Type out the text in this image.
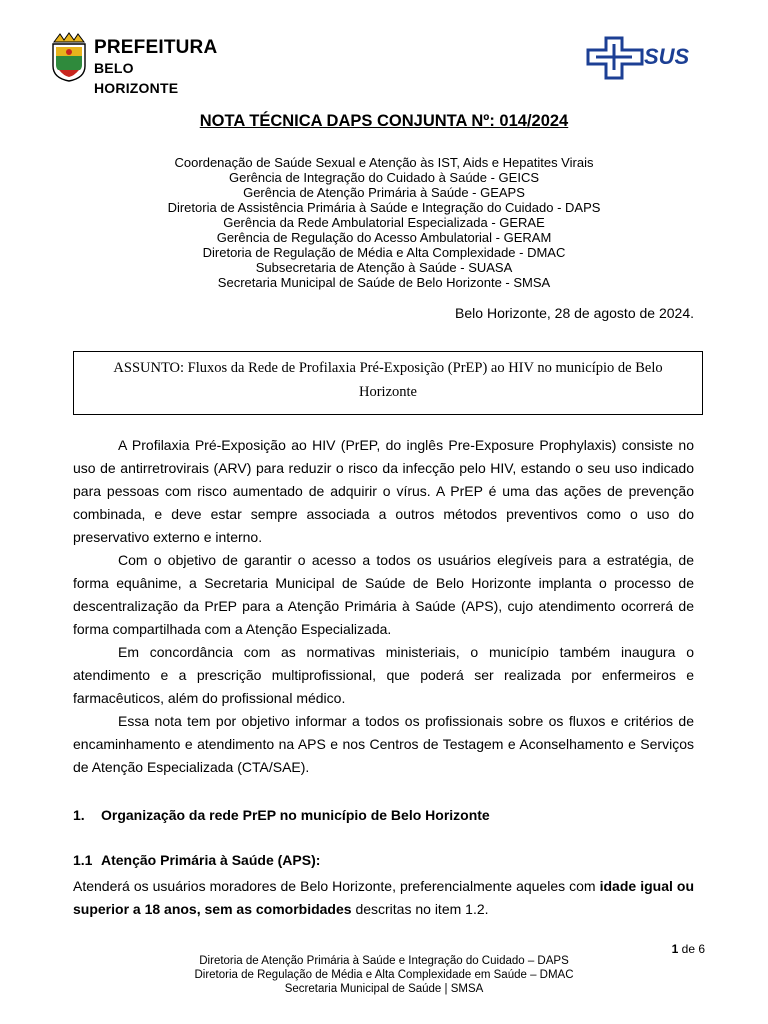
PREFEITURA
BELO HORIZONTE
SUS
NOTA TÉCNICA DAPS CONJUNTA Nº: 014/2024
Coordenação de Saúde Sexual e Atenção às IST, Aids e Hepatites Virais
Gerência de Integração do Cuidado à Saúde - GEICS
Gerência de Atenção Primária à Saúde - GEAPS
Diretoria de Assistência Primária à Saúde e Integração do Cuidado - DAPS
Gerência da Rede Ambulatorial Especializada - GERAE
Gerência de Regulação do Acesso Ambulatorial - GERAM
Diretoria de Regulação de Média e Alta Complexidade - DMAC
Subsecretaria de Atenção à Saúde - SUASA
Secretaria Municipal de Saúde de Belo Horizonte - SMSA
Belo Horizonte, 28 de agosto de 2024.
ASSUNTO: Fluxos da Rede de Profilaxia Pré-Exposição (PrEP) ao HIV no município de Belo
Horizonte

A Profilaxia Pré-Exposição ao HIV (PrEP, do inglês Pre-Exposure Prophylaxis) consiste no uso de antirretrovirais (ARV) para reduzir o risco da infecção pelo HIV, estando o seu uso indicado para pessoas com risco aumentado de adquirir o vírus. A PrEP é uma das ações de prevenção combinada, e deve estar sempre associada a outros métodos preventivos como o uso do preservativo externo e interno.

Com o objetivo de garantir o acesso a todos os usuários elegíveis para a estratégia, de forma equânime, a Secretaria Municipal de Saúde de Belo Horizonte implanta o processo de descentralização da PrEP para a Atenção Primária à Saúde (APS), cujo atendimento ocorrerá de forma compartilhada com a Atenção Especializada.

Em concordância com as normativas ministeriais, o município também inaugura o atendimento e a prescrição multiprofissional, que poderá ser realizada por enfermeiros e farmacêuticos, além do profissional médico.

Essa nota tem por objetivo informar a todos os profissionais sobre os fluxos e critérios de encaminhamento e atendimento na APS e nos Centros de Testagem e Aconselhamento e Serviços de Atenção Especializada (CTA/SAE).

1. Organização da rede PrEP no município de Belo Horizonte
1.1 Atenção Primária à Saúde (APS):
Atenderá os usuários moradores de Belo Horizonte, preferencialmente aqueles com idade igual ou superior a 18 anos, sem as comorbidades descritas no item 1.2.
1 de 6
Diretoria de Atenção Primária à Saúde e Integração do Cuidado – DAPS
Diretoria de Regulação de Média e Alta Complexidade em Saúde – DMAC
Secretaria Municipal de Saúde | SMSA
